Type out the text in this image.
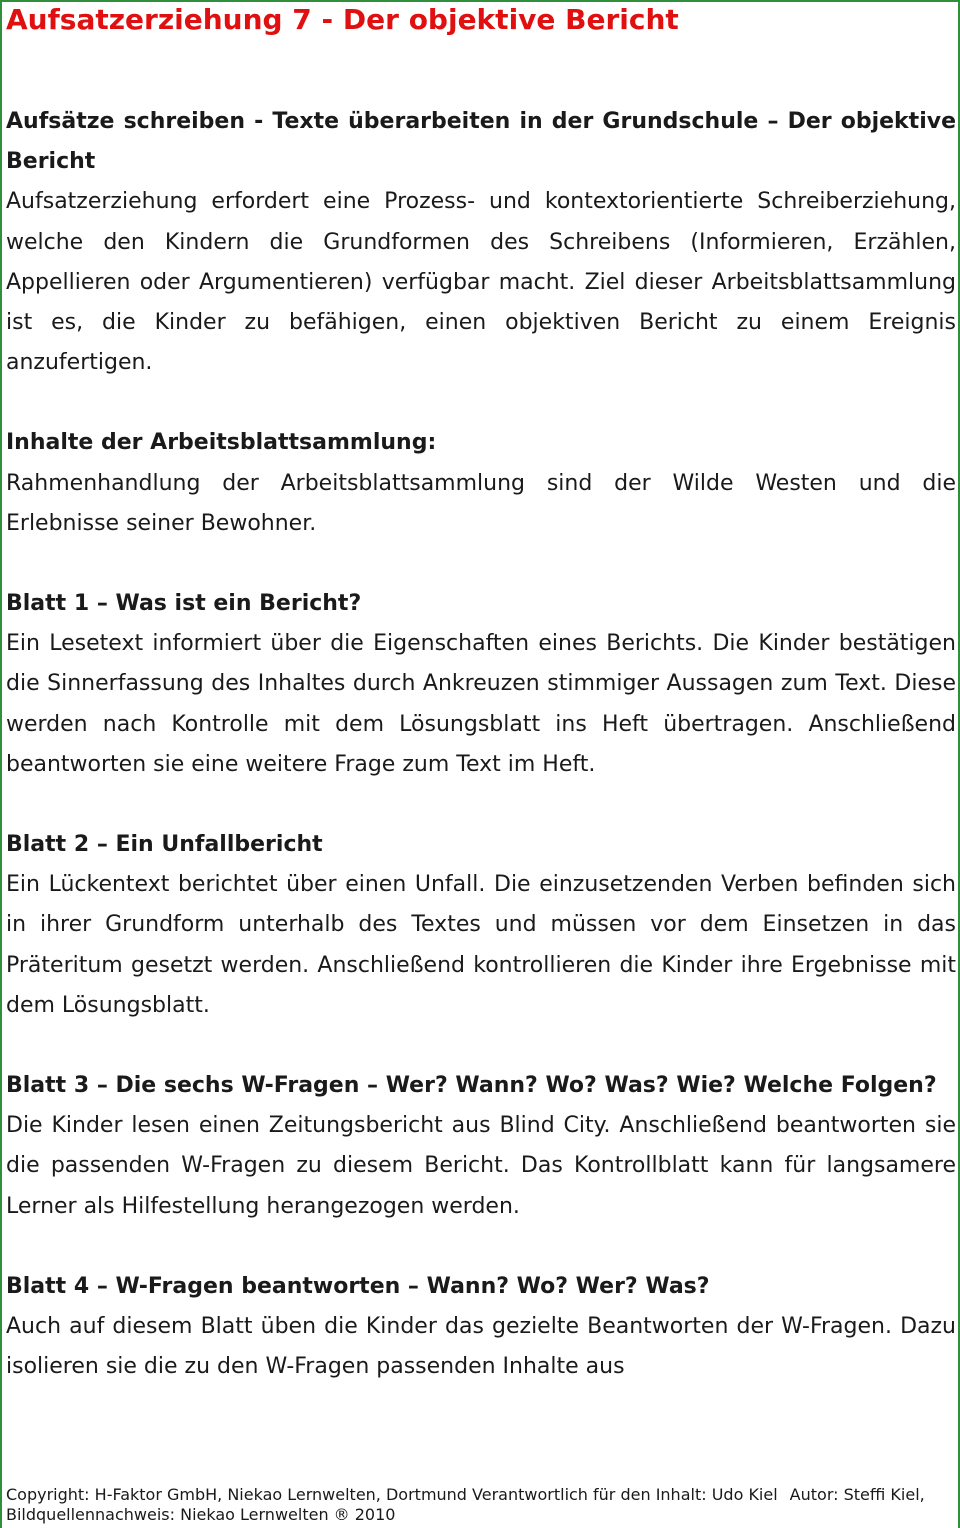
Aufsatzerziehung 7 - Der objektive Bericht

Aufsätze schreiben - Texte überarbeiten in der Grundschule – Der objektive Bericht

Aufsatzerziehung erfordert eine Prozess- und kontextorientierte Schreiberziehung, welche den Kindern die Grundformen des Schreibens (Informieren, Erzählen, Appellieren oder Argumentieren) verfügbar macht. Ziel dieser Arbeitsblattsammlung ist es, die Kinder zu befähigen, einen objektiven Bericht zu einem Ereignis anzufertigen.

Inhalte der Arbeitsblattsammlung:

Rahmenhandlung der Arbeitsblattsammlung sind der Wilde Westen und die Erlebnisse seiner Bewohner.

Blatt 1 – Was ist ein Bericht?

Ein Lesetext informiert über die Eigenschaften eines Berichts. Die Kinder bestätigen die Sinnerfassung des Inhaltes durch Ankreuzen stimmiger Aussagen zum Text. Diese werden nach Kontrolle mit dem Lösungsblatt ins Heft übertragen. Anschließend beantworten sie eine weitere Frage zum Text im Heft.

Blatt 2 – Ein Unfallbericht

Ein Lückentext berichtet über einen Unfall. Die einzusetzenden Verben befinden sich in ihrer Grundform unterhalb des Textes und müssen vor dem Einsetzen in das Präteritum gesetzt werden. Anschließend kontrollieren die Kinder ihre Ergebnisse mit dem Lösungsblatt.

Blatt 3 – Die sechs W-Fragen – Wer? Wann? Wo? Was? Wie? Welche Folgen?

Die Kinder lesen einen Zeitungsbericht aus Blind City. Anschließend beantworten sie die passenden W-Fragen zu diesem Bericht. Das Kontrollblatt kann für langsamere Lerner als Hilfestellung herangezogen werden.

Blatt 4 – W-Fragen beantworten – Wann? Wo? Wer? Was?

Auch auf diesem Blatt üben die Kinder das gezielte Beantworten der W-Fragen. Dazu isolieren sie die zu den W-Fragen passenden Inhalte aus

Copyright: H-Faktor GmbH, Niekao Lernwelten, Dortmund Verantwortlich für den Inhalt: Udo Kiel Autor: Steffi Kiel,
Bildquellennachweis: Niekao Lernwelten ® 2010
